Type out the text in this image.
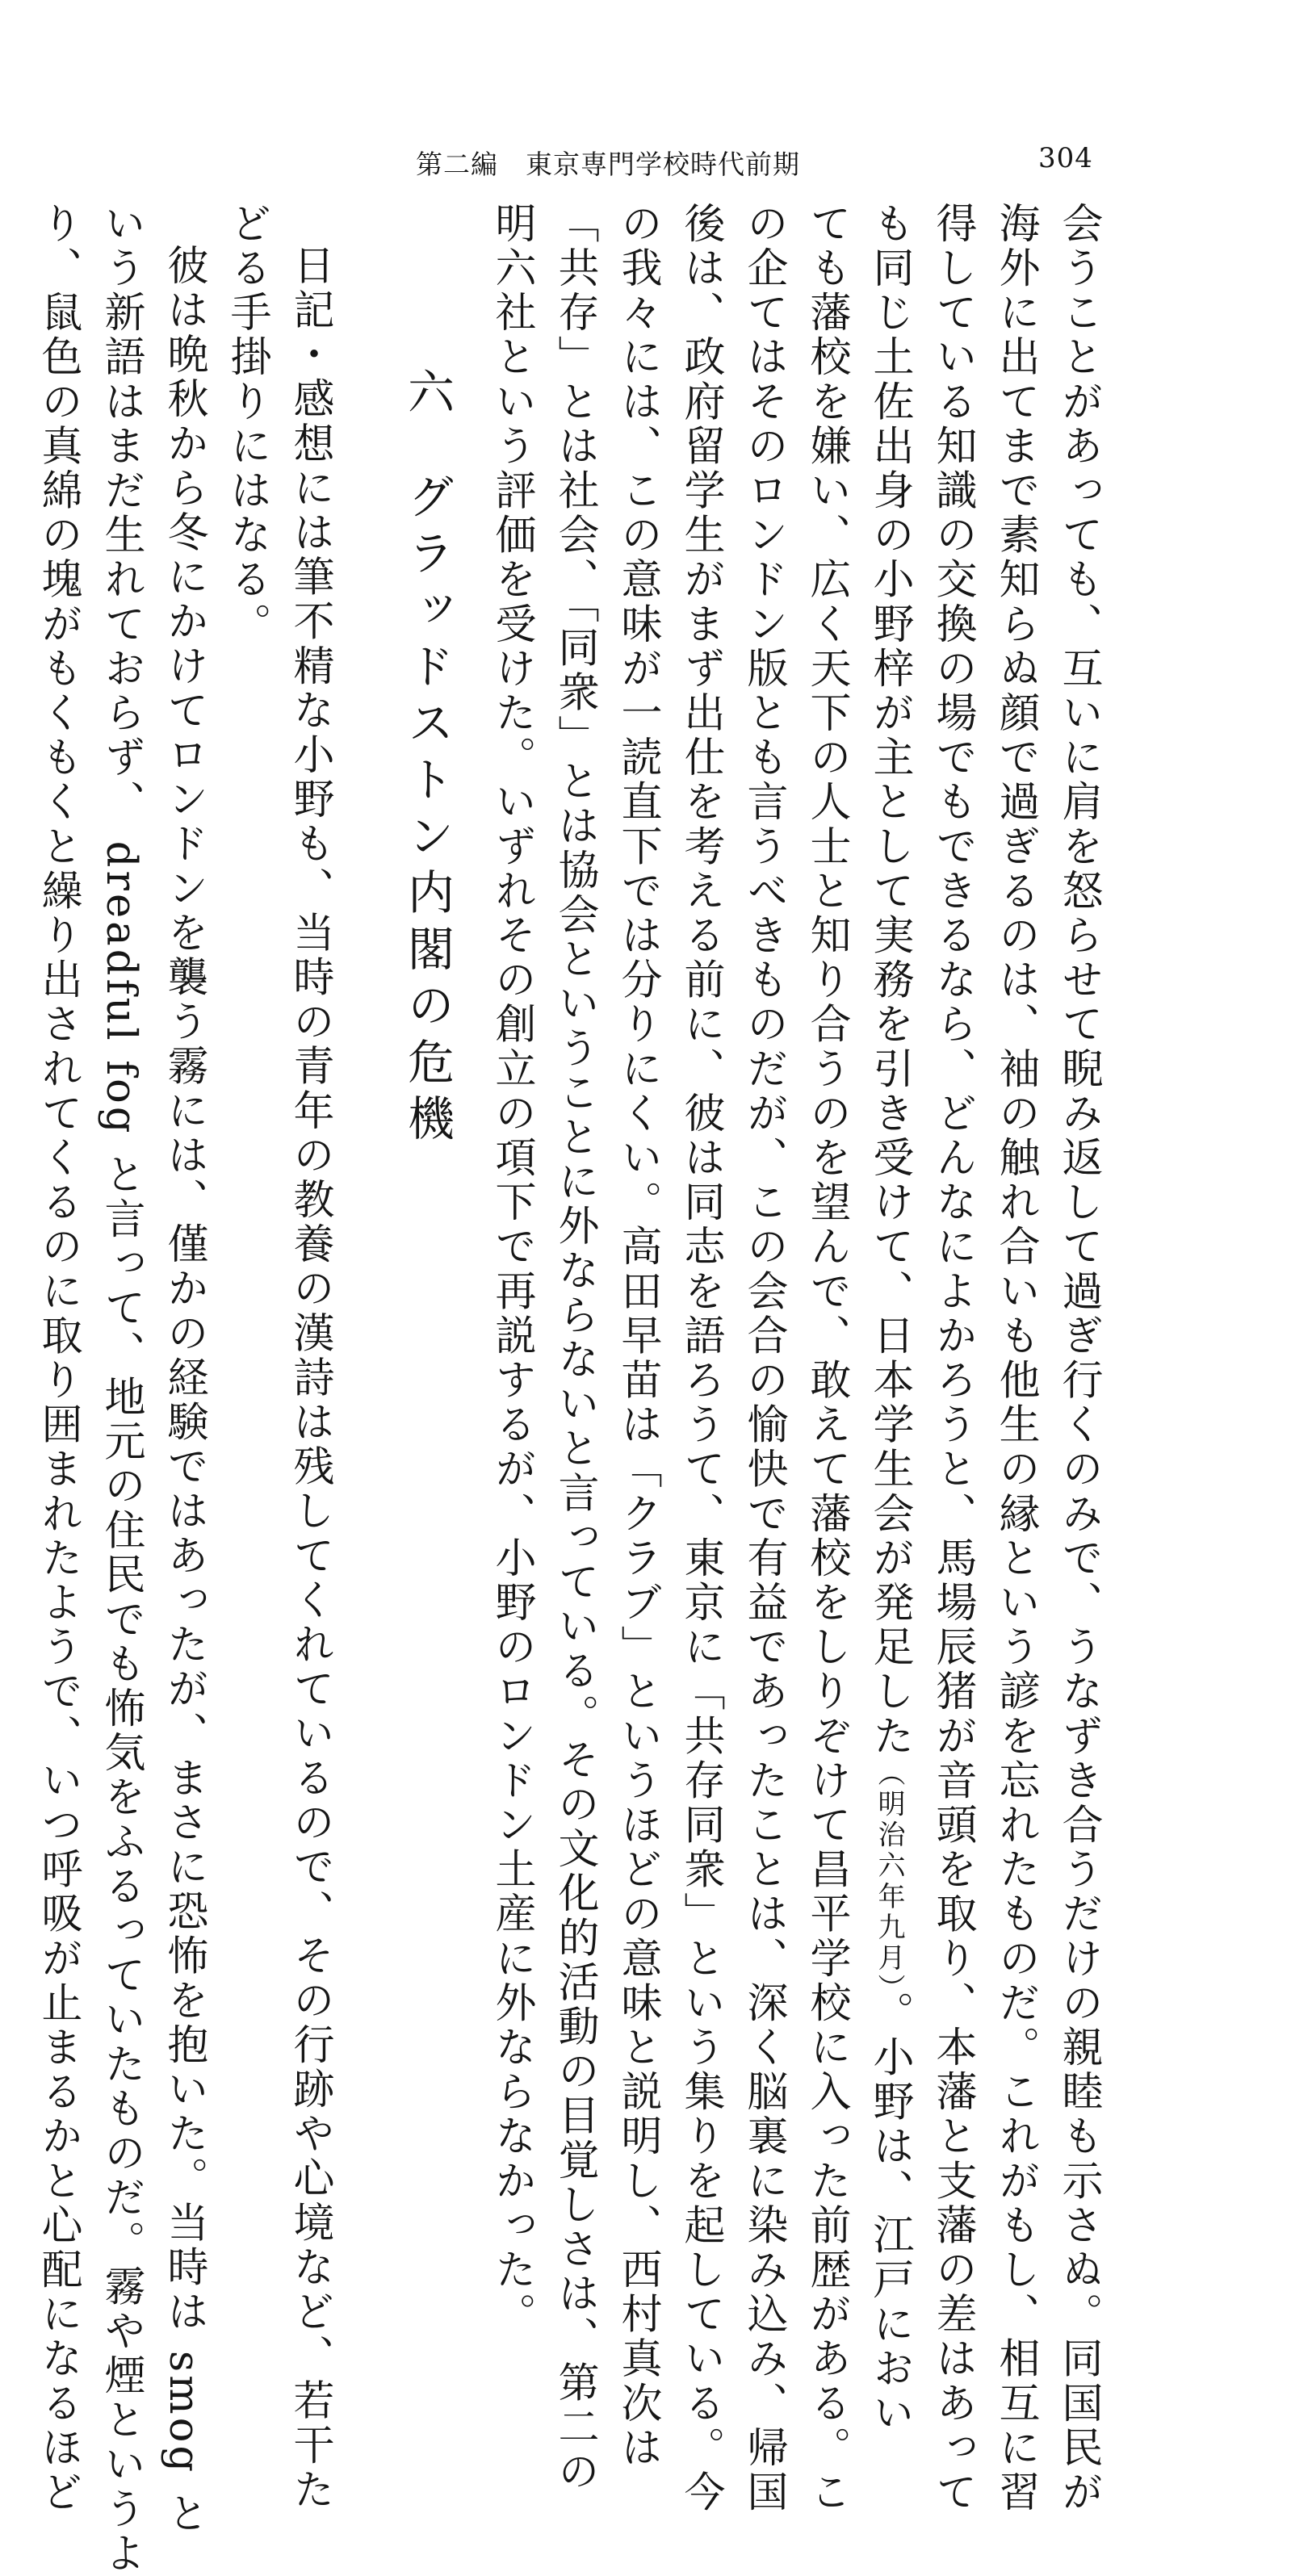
第二編　東京専門学校時代前期	304
会うことがあっても、互いに肩を怒らせて睨み返して過ぎ行くのみで、うなずき合うだけの親睦も示さぬ。同国民が
海外に出てまで素知らぬ顔で過ぎるのは、袖の触れ合いも他生の縁という諺を忘れたものだ。これがもし、相互に習
得している知識の交換の場でもできるなら、どんなによかろうと、馬場辰猪が音頭を取り、本藩と支藩の差はあって
も同じ土佐出身の小野梓が主として実務を引き受けて、日本学生会が発足した（明治六年九月）。小野は、江戸におい
ても藩校を嫌い、広く天下の人士と知り合うのを望んで、敢えて藩校をしりぞけて昌平学校に入った前歴がある。こ
の企てはそのロンドン版とも言うべきものだが、この会合の愉快で有益であったことは、深く脳裏に染み込み、帰国
後は、政府留学生がまず出仕を考える前に、彼は同志を語ろうて、東京に「共存同衆」という集りを起している。今
の我々には、この意味が一読直下では分りにくい。高田早苗は「クラブ」というほどの意味と説明し、西村真次は
「共存」とは社会、「同衆」とは協会ということに外ならないと言っている。その文化的活動の目覚しさは、第二の
明六社という評価を受けた。いずれその創立の項下で再説するが、小野のロンドン土産に外ならなかった。
六グラッドストン内閣の危機
日記・感想には筆不精な小野も、当時の青年の教養の漢詩は残してくれているので、その行跡や心境など、若干た
どる手掛りにはなる。
彼は晩秋から冬にかけてロンドンを襲う霧には、僅かの経験ではあったが、まさに恐怖を抱いた。当時は smog と
いう新語はまだ生れておらず、 dreadful fog と言って、地元の住民でも怖気をふるっていたものだ。霧や煙というよ
り、鼠色の真綿の塊がもくもくと繰り出されてくるのに取り囲まれたようで、いつ呼吸が止まるかと心配になるほど
